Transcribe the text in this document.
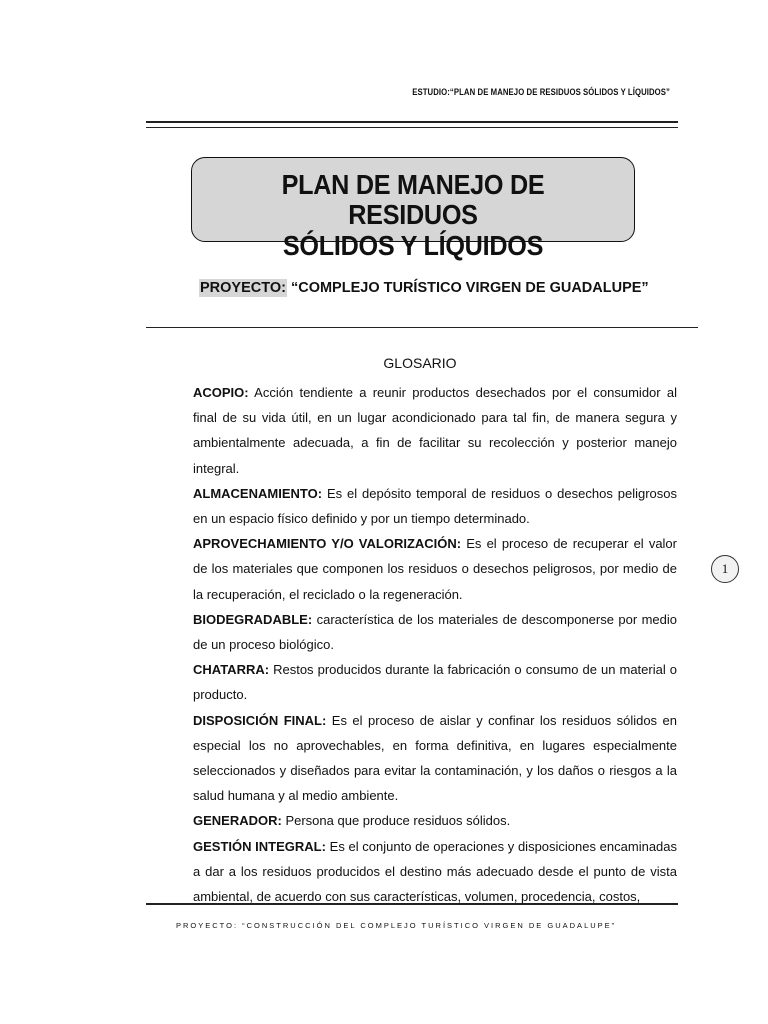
ESTUDIO:“PLAN DE MANEJO DE RESIDUOS SÓLIDOS Y LÍQUIDOS”
PLAN DE MANEJO DE RESIDUOS
SÓLIDOS Y LÍQUIDOS
PROYECTO: “COMPLEJO TURÍSTICO VIRGEN DE GUADALUPE”
GLOSARIO

ACOPIO: Acción tendiente a reunir productos desechados por el consumidor al final de su vida útil, en un lugar acondicionado para tal fin, de manera segura y ambientalmente adecuada, a fin de facilitar su recolección y posterior manejo integral.

ALMACENAMIENTO: Es el depósito temporal de residuos o desechos peligrosos en un espacio físico definido y por un tiempo determinado.

APROVECHAMIENTO Y/O VALORIZACIÓN: Es el proceso de recuperar el valor de los materiales que componen los residuos o desechos peligrosos, por medio de la recuperación, el reciclado o la regeneración.

BIODEGRADABLE: característica de los materiales de descomponerse por medio de un proceso biológico.

CHATARRA: Restos producidos durante la fabricación o consumo de un material o producto.

DISPOSICIÓN FINAL: Es el proceso de aislar y confinar los residuos sólidos en especial los no aprovechables, en forma definitiva, en lugares especialmente seleccionados y diseñados para evitar la contaminación, y los daños o riesgos a la salud humana y al medio ambiente.

GENERADOR: Persona que produce residuos sólidos.

GESTIÓN INTEGRAL: Es el conjunto de operaciones y disposiciones encaminadas a dar a los residuos producidos el destino más adecuado desde el punto de vista ambiental, de acuerdo con sus características, volumen, procedencia, costos,

1
PROYECTO: “CONSTRUCCIÓN DEL COMPLEJO TURÍSTICO VIRGEN DE GUADALUPE”
